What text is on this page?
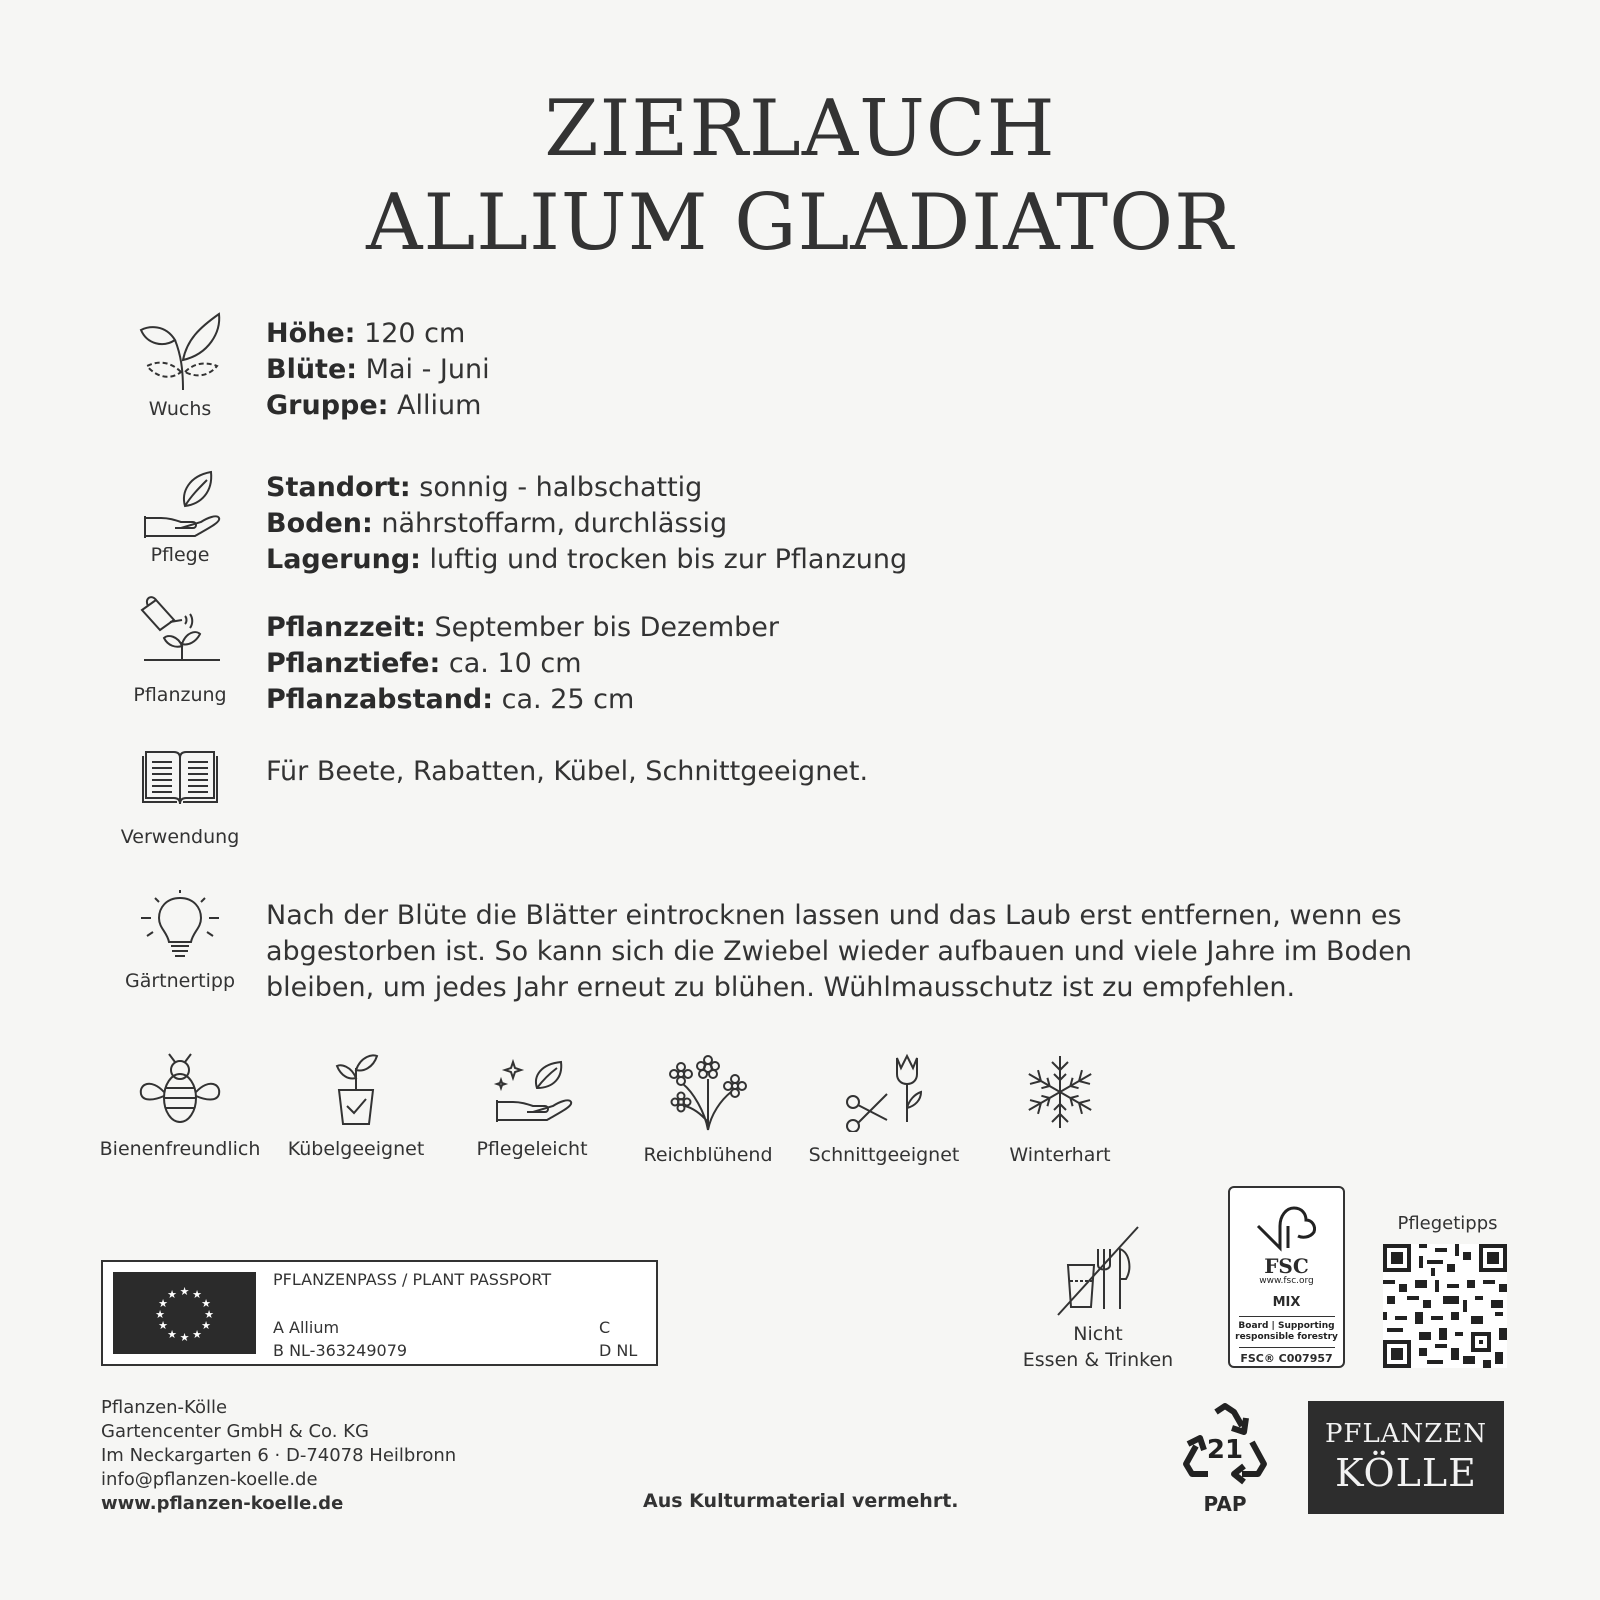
ZIERLAUCH
ALLIUM GLADIATOR
Wuchs
Höhe: 120 cm
Blüte: Mai - Juni
Gruppe: Allium
Pflege
Standort: sonnig - halbschattig
Boden: nährstoffarm, durchlässig
Lagerung: luftig und trocken bis zur Pflanzung
Pflanzung
Pflanzzeit: September bis Dezember
Pflanztiefe: ca. 10 cm
Pflanzabstand: ca. 25 cm
Verwendung
Für Beete, Rabatten, Kübel, Schnittgeeignet.
Gärtnertipp
Nach der Blüte die Blätter eintrocknen lassen und das Laub erst entfernen, wenn es abgestorben ist. So kann sich die Zwiebel wieder aufbauen und viele Jahre im Boden bleiben, um jedes Jahr erneut zu blühen. Wühlmausschutz ist zu empfehlen.
Bienenfreundlich	Kübelgeeignet	Pflegeleicht	Reichblühend	Schnittgeeignet	Winterhart
★ ★
★
★
★
★
★
★
★
★
★
★
PFLANZENPASS / PLANT PASSPORT
A Allium
B NL-363249079
C
D NL
Nicht
Essen & Trinken
FSC
www.fsc.org
MIX
Board | Supporting
responsible forestry
FSC® C007957
Pflegetipps
Pflanzen-Kölle
Gartencenter GmbH & Co. KG
Im Neckargarten 6 · D-74078 Heilbronn
info@pflanzen-koelle.de
www.pflanzen-koelle.de	Aus Kulturmaterial vermehrt.
21
PAP
PFLANZEN
KÖLLE
